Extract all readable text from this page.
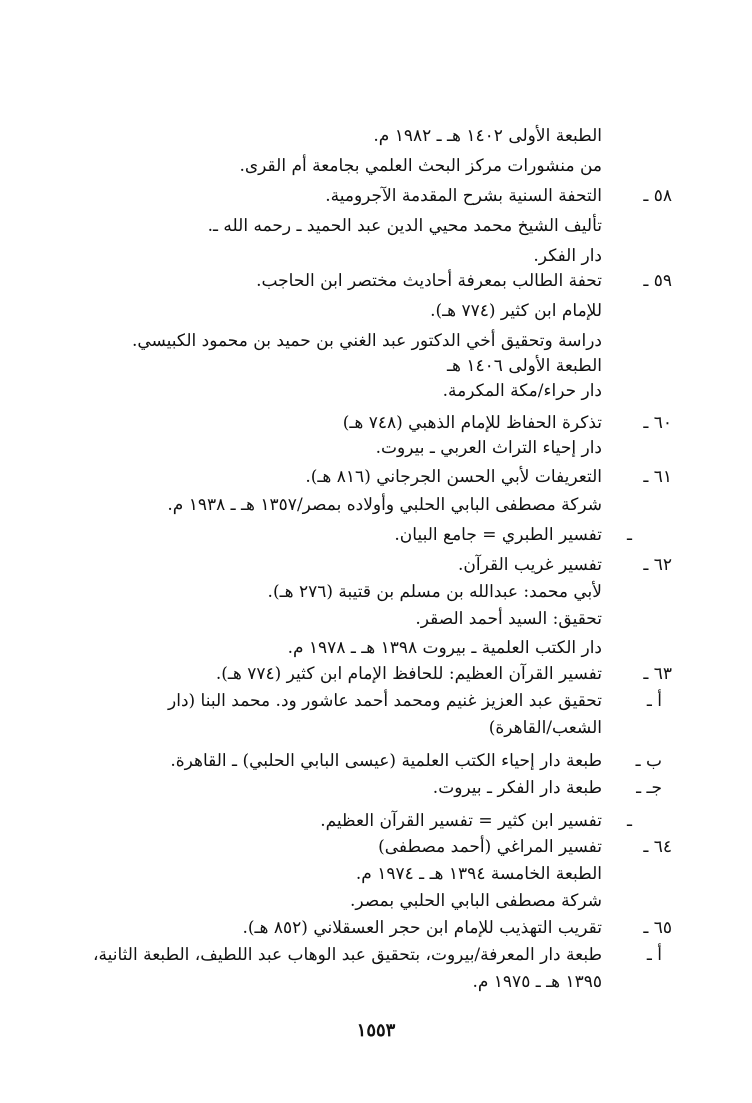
الطبعة الأولى ١٤٠٢ هـ ـ ١٩٨٢ م.
من منشورات مركز البحث العلمي بجامعة أم القرى.
٥٨ ـ
التحفة السنية بشرح المقدمة الآجرومية.
تأليف الشيخ محمد محيي الدين عبد الحميد ـ رحمه الله ـ.
دار الفكر.
٥٩ ـ
تحفة الطالب بمعرفة أحاديث مختصر ابن الحاجب.
للإمام ابن كثير (٧٧٤ هـ).
دراسة وتحقيق أخي الدكتور عبد الغني بن حميد بن محمود الكبيسي.
الطبعة الأولى ١٤٠٦ هـ
دار حراء/مكة المكرمة.
٦٠ ـ
تذكرة الحفاظ للإمام الذهبي (٧٤٨ هـ)
دار إحياء التراث العربي ـ بيروت.
٦١ ـ
التعريفات لأبي الحسن الجرجاني (٨١٦ هـ).
شركة مصطفى البابي الحلبي وأولاده بمصر/١٣٥٧ هـ ـ ١٩٣٨ م.
ـ
تفسير الطبري = جامع البيان.
٦٢ ـ
تفسير غريب القرآن.
لأبي محمد: عبدالله بن مسلم بن قتيبة (٢٧٦ هـ).
تحقيق: السيد أحمد الصقر.
دار الكتب العلمية ـ بيروت ١٣٩٨ هـ ـ ١٩٧٨ م.
٦٣ ـ
تفسير القرآن العظيم: للحافظ الإمام ابن كثير (٧٧٤ هـ).
أ ـ
تحقيق عبد العزيز غنيم ومحمد أحمد عاشور ود. محمد البنا (دار
الشعب/القاهرة)
ب ـ
طبعة دار إحياء الكتب العلمية (عيسى البابي الحلبي) ـ القاهرة.
جـ ـ
طبعة دار الفكر ـ بيروت.
ـ
تفسير ابن كثير = تفسير القرآن العظيم.
٦٤ ـ
تفسير المراغي (أحمد مصطفى)
الطبعة الخامسة ١٣٩٤ هـ ـ ١٩٧٤ م.
شركة مصطفى البابي الحلبي بمصر.
٦٥ ـ
تقريب التهذيب للإمام ابن حجر العسقلاني (٨٥٢ هـ).
أ ـ
طبعة دار المعرفة/بيروت، بتحقيق عبد الوهاب عبد اللطيف، الطبعة الثانية،
١٣٩٥ هـ ـ ١٩٧٥ م.
١٥٥٣
